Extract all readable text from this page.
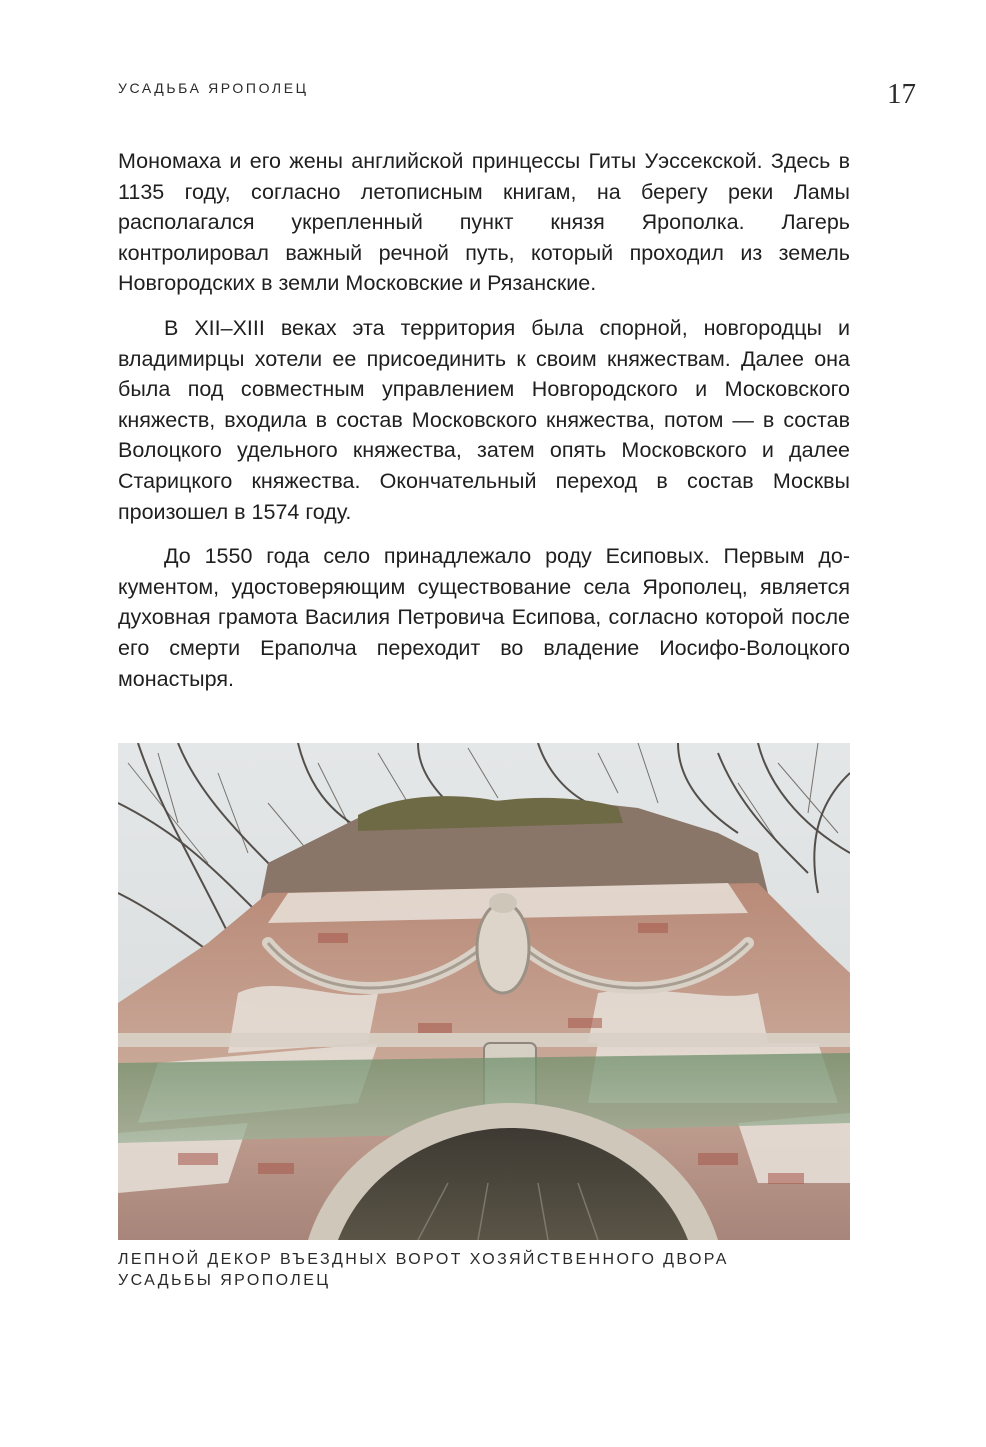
УСАДЬБА ЯРОПОЛЕЦ	17

Мономаха и его жены английской принцессы Гиты Уэссекской. Здесь в 1135 году, согласно летописным книгам, на берегу реки Ламы располагался укрепленный пункт князя Ярополка. Лагерь контролировал важный речной путь, который проходил из земель Новгородских в земли Московские и Рязанские.

В XII–XIII веках эта территория была спорной, новгородцы и владимирцы хотели ее присоединить к своим княжествам. Далее она была под совместным управлением Новгородского и Московского княжеств, входила в состав Московского княжества, потом — в состав Волоцкого удельного княжества, затем опять Московского и далее Старицкого княжества. Окончательный переход в состав Москвы произошел в 1574 году.

До 1550 года село принадлежало роду Есиповых. Первым документом, удостоверяющим существование села Ярополец, является духовная грамота Василия Петровича Есипова, согласно которой после его смерти Ераполча переходит во владение Иосифо-Волоцкого монастыря.

ЛЕПНОЙ ДЕКОР ВЪЕЗДНЫХ ВОРОТ ХОЗЯЙСТВЕННОГО ДВОРА
УСАДЬБЫ ЯРОПОЛЕЦ
